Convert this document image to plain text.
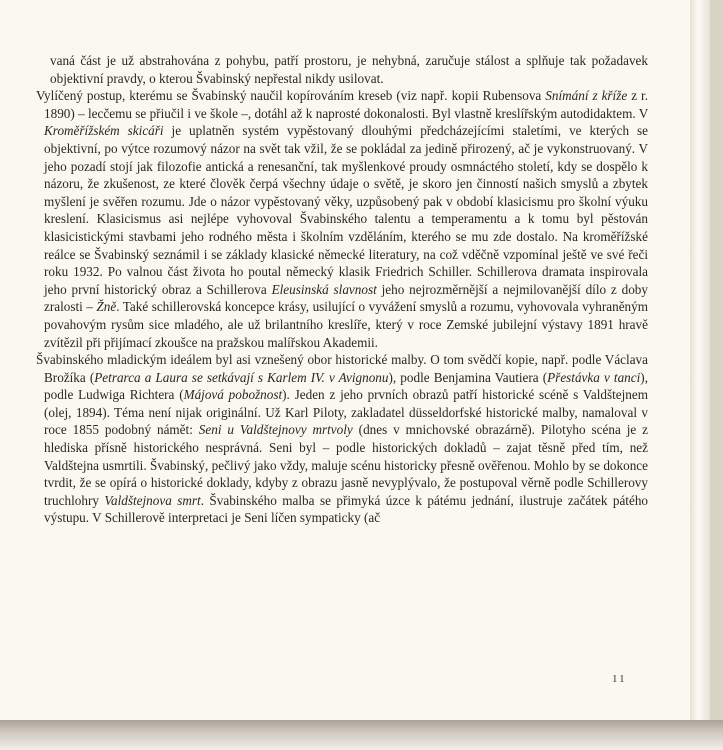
vaná část je už abstrahována z pohybu, patří prostoru, je nehybná, zaručuje stálost a splňuje tak požadavek objektivní pravdy, o kterou Švabinský nepřestal nikdy usilovat.

Vylíčený postup, kterému se Švabinský naučil kopírováním kreseb (viz např. kopii Rubensova Snímání z kříže z r. 1890) – lecčemu se přiučil i ve škole –, dotáhl až k naprosté dokonalosti. Byl vlastně kreslířským autodidaktem. V Kroměřížském skicáři je uplatněn systém vypěstovaný dlouhými předcházejícími staletími, ve kterých se objektivní, po výtce rozumový názor na svět tak vžil, že se pokládal za jedině přirozený, ač je vykonstruovaný. V jeho pozadí stojí jak filozofie antická a renesanční, tak myšlenkové proudy osmnáctého století, kdy se dospělo k názoru, že zkušenost, ze které člověk čerpá všechny údaje o světě, je skoro jen činností našich smyslů a zbytek myšlení je svěřen rozumu. Jde o názor vypěstovaný věky, uzpůsobený pak v období klasicismu pro školní výuku kreslení. Klasicismus asi nejlépe vyhovoval Švabinského talentu a temperamentu a k tomu byl pěstován klasicistickými stavbami jeho rodného města i školním vzděláním, kterého se mu zde dostalo. Na kroměřížské reálce se Švabinský seznámil i se základy klasické německé literatury, na což vděčně vzpomínal ještě ve své řeči roku 1932. Po valnou část života ho poutal německý klasik Friedrich Schiller. Schillerova dramata inspirovala jeho první historický obraz a Schillerova Eleusinská slavnost jeho nejrozměrnější a nejmilovanější dílo z doby zralosti – Žně. Také schillerovská koncepce krásy, usilující o vyvážení smyslů a rozumu, vyhovovala vyhraněným povahovým rysům sice mladého, ale už brilantního kreslíře, který v roce Zemské jubilejní výstavy 1891 hravě zvítězil při přijímací zkoušce na pražskou malířskou Akademii.

Švabinského mladickým ideálem byl asi vznešený obor historické malby. O tom svědčí kopie, např. podle Václava Brožíka (Petrarca a Laura se setkávají s Karlem IV. v Avignonu), podle Benjamina Vautiera (Přestávka v tanci), podle Ludwiga Richtera (Májová pobožnost). Jeden z jeho prvních obrazů patří historické scéně s Valdštejnem (olej, 1894). Téma není nijak originální. Už Karl Piloty, zakladatel düsseldorfské historické malby, namaloval v roce 1855 podobný námět: Seni u Valdštejnovy mrtvoly (dnes v mnichovské obrazárně). Pilotyho scéna je z hlediska přísně historického nesprávná. Seni byl – podle historických dokladů – zajat těsně před tím, než Valdštejna usmrtili. Švabinský, pečlivý jako vždy, maluje scénu historicky přesně ověřenou. Mohlo by se dokonce tvrdit, že se opírá o historické doklady, kdyby z obrazu jasně nevyplývalo, že postupoval věrně podle Schillerovy truchlohry Valdštejnova smrt. Švabinského malba se přimyká úzce k pátému jednání, ilustruje začátek pátého výstupu. V Schillerově interpretaci je Seni líčen sympaticky (ač

11
